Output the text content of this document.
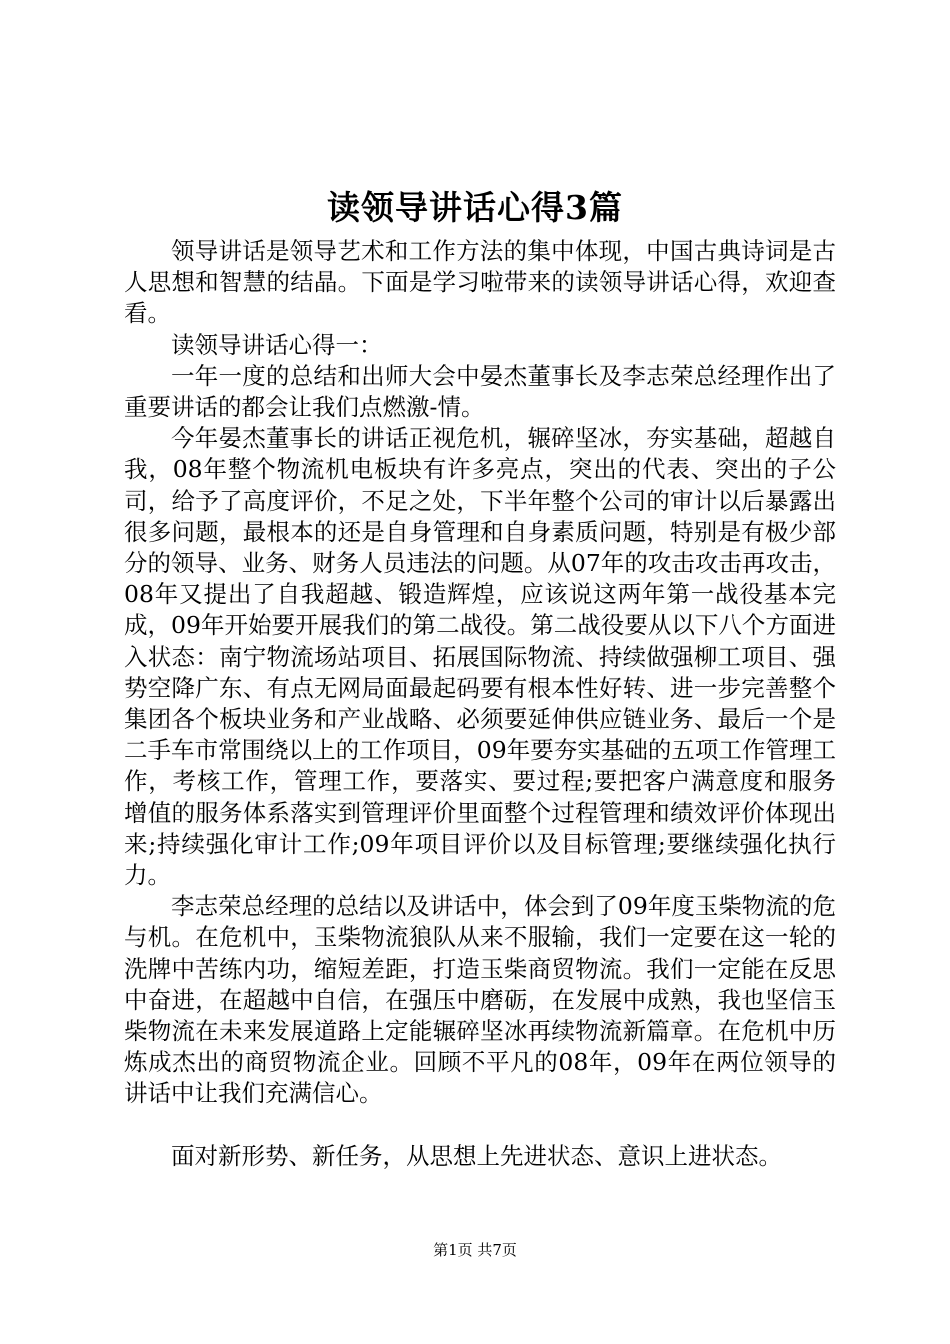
读领导讲话心得3篇

领导讲话是领导艺术和工作方法的集中体现，中国古典诗词是古人思想和智慧的结晶。下面是学习啦带来的读领导讲话心得，欢迎查看。

读领导讲话心得一：

一年一度的总结和出师大会中晏杰董事长及李志荣总经理作出了重要讲话的都会让我们点燃激-情。

今年晏杰董事长的讲话正视危机，辗碎坚冰，夯实基础，超越自我，08年整个物流机电板块有许多亮点，突出的代表、突出的子公司，给予了高度评价，不足之处，下半年整个公司的审计以后暴露出很多问题，最根本的还是自身管理和自身素质问题，特别是有极少部分的领导、业务、财务人员违法的问题。从07年的攻击攻击再攻击，08年又提出了自我超越、锻造辉煌，应该说这两年第一战役基本完成，09年开始要开展我们的第二战役。第二战役要从以下八个方面进入状态：南宁物流场站项目、拓展国际物流、持续做强柳工项目、强势空降广东、有点无网局面最起码要有根本性好转、进一步完善整个集团各个板块业务和产业战略、必须要延伸供应链业务、最后一个是二手车市常围绕以上的工作项目，09年要夯实基础的五项工作管理工作，考核工作，管理工作，要落实、要过程;要把客户满意度和服务增值的服务体系落实到管理评价里面整个过程管理和绩效评价体现出来;持续强化审计工作;09年项目评价以及目标管理;要继续强化执行力。

李志荣总经理的总结以及讲话中，体会到了09年度玉柴物流的危与机。在危机中，玉柴物流狼队从来不服输，我们一定要在这一轮的洗牌中苦练内功，缩短差距，打造玉柴商贸物流。我们一定能在反思中奋进，在超越中自信，在强压中磨砺，在发展中成熟，我也坚信玉柴物流在未来发展道路上定能辗碎坚冰再续物流新篇章。在危机中历炼成杰出的商贸物流企业。回顾不平凡的08年，09年在两位领导的讲话中让我们充满信心。

面对新形势、新任务，从思想上先进状态、意识上进状态。

第1页 共7页
